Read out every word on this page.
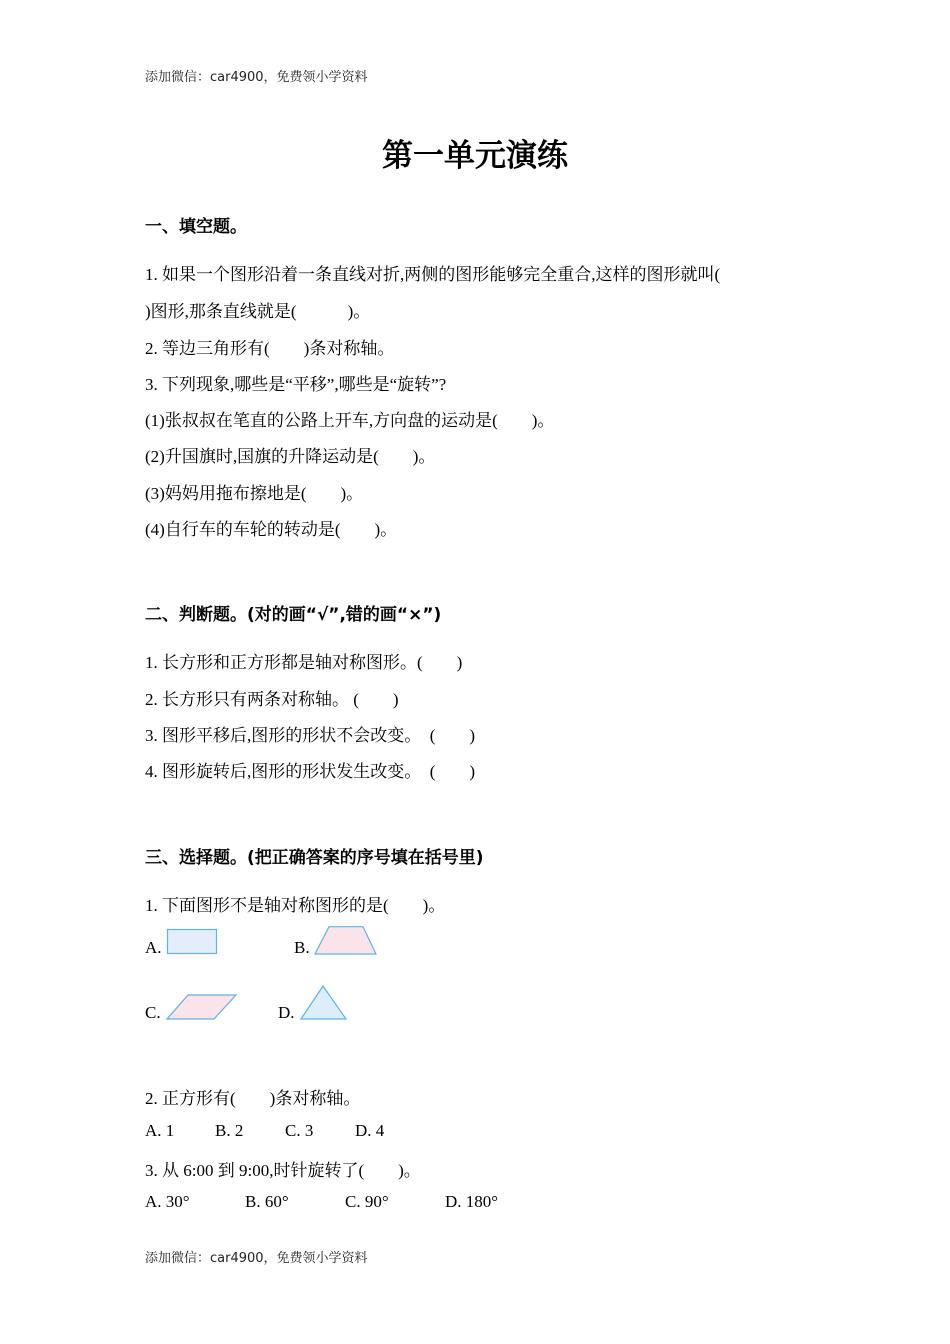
添加微信：car4900，免费领小学资料
第一单元演练
一、填空题。
1. 如果一个图形沿着一条直线对折,两侧的图形能够完全重合,这样的图形就叫(
)图形,那条直线就是(　　　)。
2. 等边三角形有(　　)条对称轴。
3. 下列现象,哪些是“平移”,哪些是“旋转”?
(1)张叔叔在笔直的公路上开车,方向盘的运动是(　　)。
(2)升国旗时,国旗的升降运动是(　　)。
(3)妈妈用拖布擦地是(　　)。
(4)自行车的车轮的转动是(　　)。
二、判断题。(对的画“√”,错的画“×”)
1. 长方形和正方形都是轴对称图形。(　　)
2. 长方形只有两条对称轴。 (　　)
3. 图形平移后,图形的形状不会改变。　(　　)
4. 图形旋转后,图形的形状发生改变。　(　　)
三、选择题。(把正确答案的序号填在括号里)
1. 下面图形不是轴对称图形的是(　　)。
A.	B.
C.	D.
2. 正方形有(　　)条对称轴。
A. 1 B. 2 C. 3 D. 4
3. 从 6:00 到 9:00,时针旋转了(　　)。
A. 30°	B. 60°	C. 90°	D. 180°
添加微信：car4900，免费领小学资料
